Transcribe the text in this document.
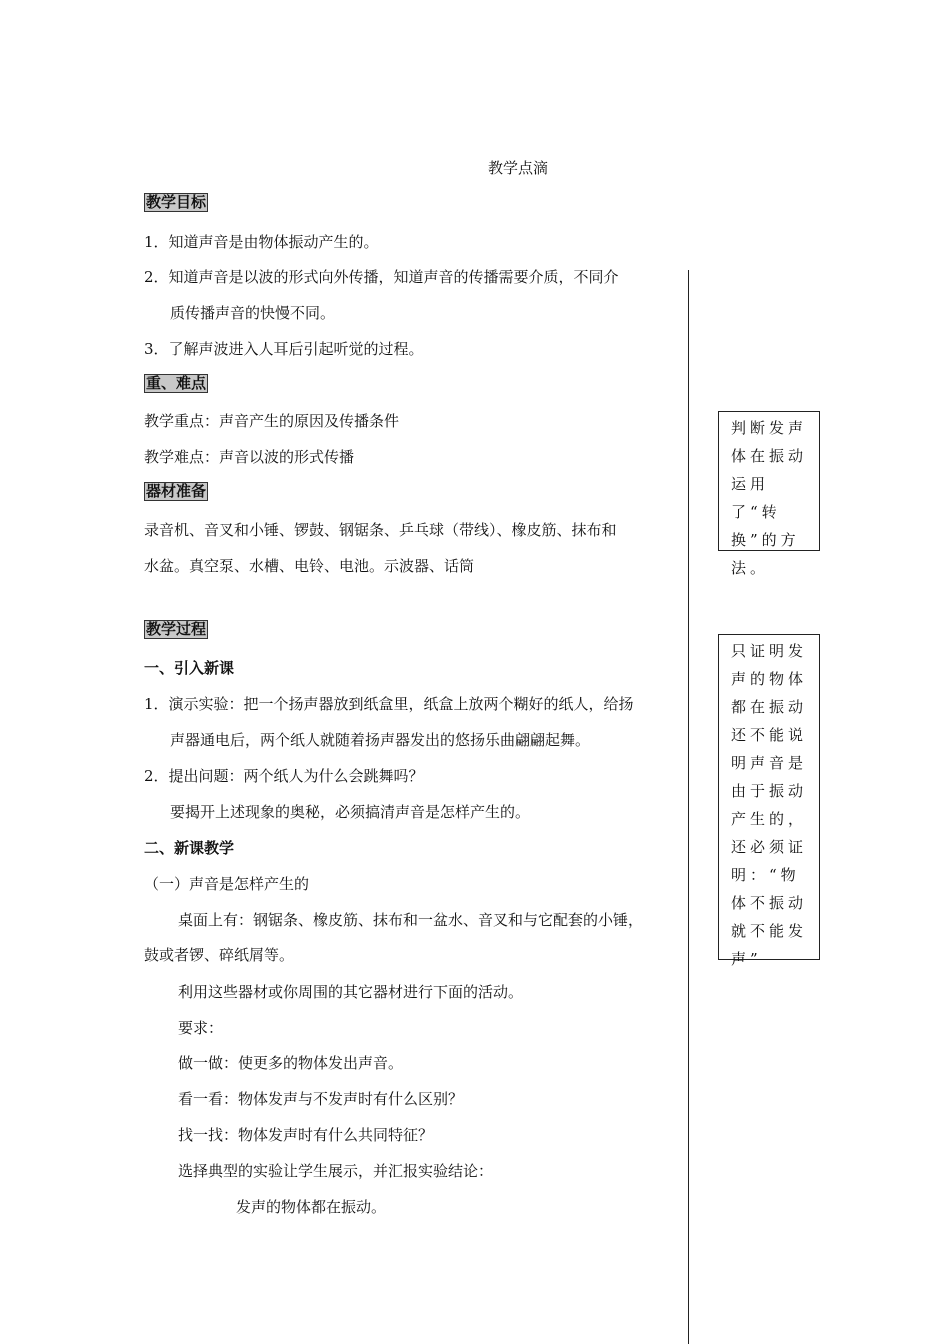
教学点滴
教学目标
1．知道声音是由物体振动产生的。
2．知道声音是以波的形式向外传播，知道声音的传播需要介质，不同介
质传播声音的快慢不同。
3．了解声波进入人耳后引起听觉的过程。
重、难点
教学重点：声音产生的原因及传播条件
教学难点：声音以波的形式传播
器材准备
录音机、音叉和小锤、锣鼓、钢锯条、乒乓球（带线）、橡皮筋、抹布和
水盆。真空泵、水槽、电铃、电池。示波器、话筒
教学过程
一、引入新课
1．演示实验：把一个扬声器放到纸盒里，纸盒上放两个糊好的纸人，给扬
声器通电后，两个纸人就随着扬声器发出的悠扬乐曲翩翩起舞。
2．提出问题：两个纸人为什么会跳舞吗？
要揭开上述现象的奥秘，必须搞清声音是怎样产生的。
二、新课教学
（一）声音是怎样产生的
桌面上有：钢锯条、橡皮筋、抹布和一盆水、音叉和与它配套的小锤，
鼓或者锣、碎纸屑等。
利用这些器材或你周围的其它器材进行下面的活动。
要求：
做一做：使更多的物体发出声音。
看一看：物体发声与不发声时有什么区别？
找一找：物体发声时有什么共同特征？
选择典型的实验让学生展示，并汇报实验结论：
发声的物体都在振动。
判断发声体在振动运用了“转换”的方法。
只证明发声的物体都在振动还不能说明声音是由于振动产生的，还必须证明：“物体不振动就不能发声”
